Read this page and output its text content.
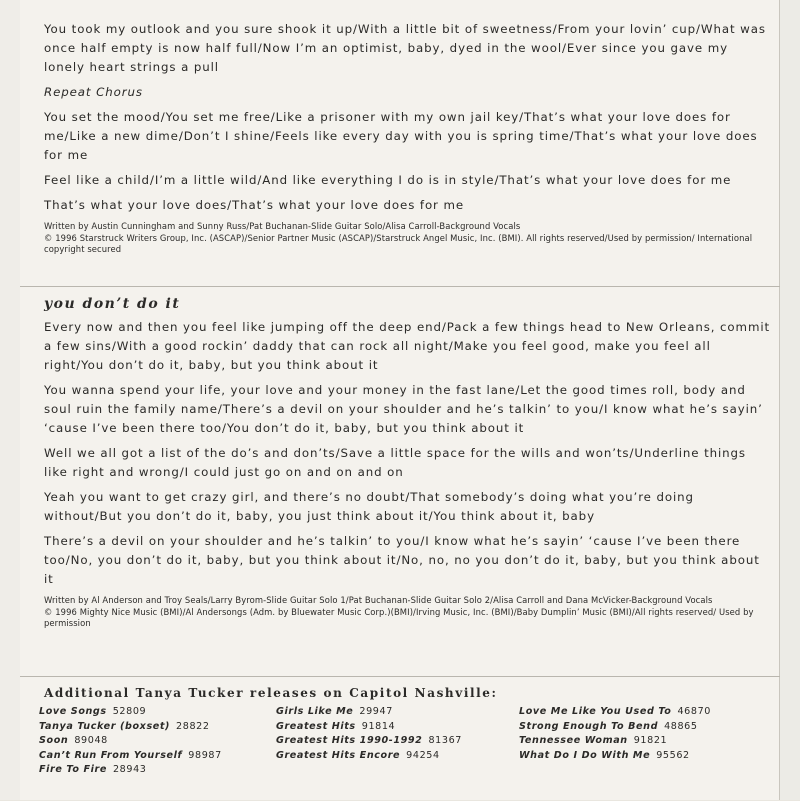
You took my outlook and you sure shook it up/With a little bit of sweetness/From your lovin’ cup/What was once half empty is now half full/Now I’m an optimist, baby, dyed in the wool/Ever since you gave my lonely heart strings a pull

Repeat Chorus

You set the mood/You set me free/Like a prisoner with my own jail key/That’s what your love does for me/Like a new dime/Don’t I shine/Feels like every day with you is spring time/That’s what your love does for me

Feel like a child/I’m a little wild/And like everything I do is in style/That’s what your love does for me

That’s what your love does/That’s what your love does for me

Written by Austin Cunningham and Sunny Russ/Pat Buchanan-Slide Guitar Solo/Alisa Carroll-Background Vocals
© 1996 Starstruck Writers Group, Inc. (ASCAP)/Senior Partner Music (ASCAP)/Starstruck Angel Music, Inc. (BMI). All rights reserved/Used by permission/ International copyright secured
you don’t do it

Every now and then you feel like jumping off the deep end/Pack a few things head to New Orleans, commit a few sins/With a good rockin’ daddy that can rock all night/Make you feel good, make you feel all right/You don’t do it, baby, but you think about it

You wanna spend your life, your love and your money in the fast lane/Let the good times roll, body and soul ruin the family name/There’s a devil on your shoulder and he’s talkin’ to you/I know what he’s sayin’ ‘cause I’ve been there too/You don’t do it, baby, but you think about it

Well we all got a list of the do’s and don’ts/Save a little space for the wills and won’ts/Underline things like right and wrong/I could just go on and on and on

Yeah you want to get crazy girl, and there’s no doubt/That somebody’s doing what you’re doing without/But you don’t do it, baby, you just think about it/You think about it, baby

There’s a devil on your shoulder and he’s talkin’ to you/I know what he’s sayin’ ‘cause I’ve been there too/No, you don’t do it, baby, but you think about it/No, no, no you don’t do it, baby, but you think about it

Written by Al Anderson and Troy Seals/Larry Byrom-Slide Guitar Solo 1/Pat Buchanan-Slide Guitar Solo 2/Alisa Carroll and Dana McVicker-Background Vocals
© 1996 Mighty Nice Music (BMI)/Al Andersongs (Adm. by Bluewater Music Corp.)(BMI)/Irving Music, Inc. (BMI)/Baby Dumplin’ Music (BMI)/All rights reserved/ Used by permission
Additional Tanya Tucker releases on Capitol Nashville:
Love Songs 52809
Tanya Tucker (boxset) 28822
Soon 89048
Can’t Run From Yourself 98987
Fire To Fire 28943
Girls Like Me 29947
Greatest Hits 91814
Greatest Hits 1990-1992 81367
Greatest Hits Encore 94254
Love Me Like You Used To 46870
Strong Enough To Bend 48865
Tennessee Woman 91821
What Do I Do With Me 95562
